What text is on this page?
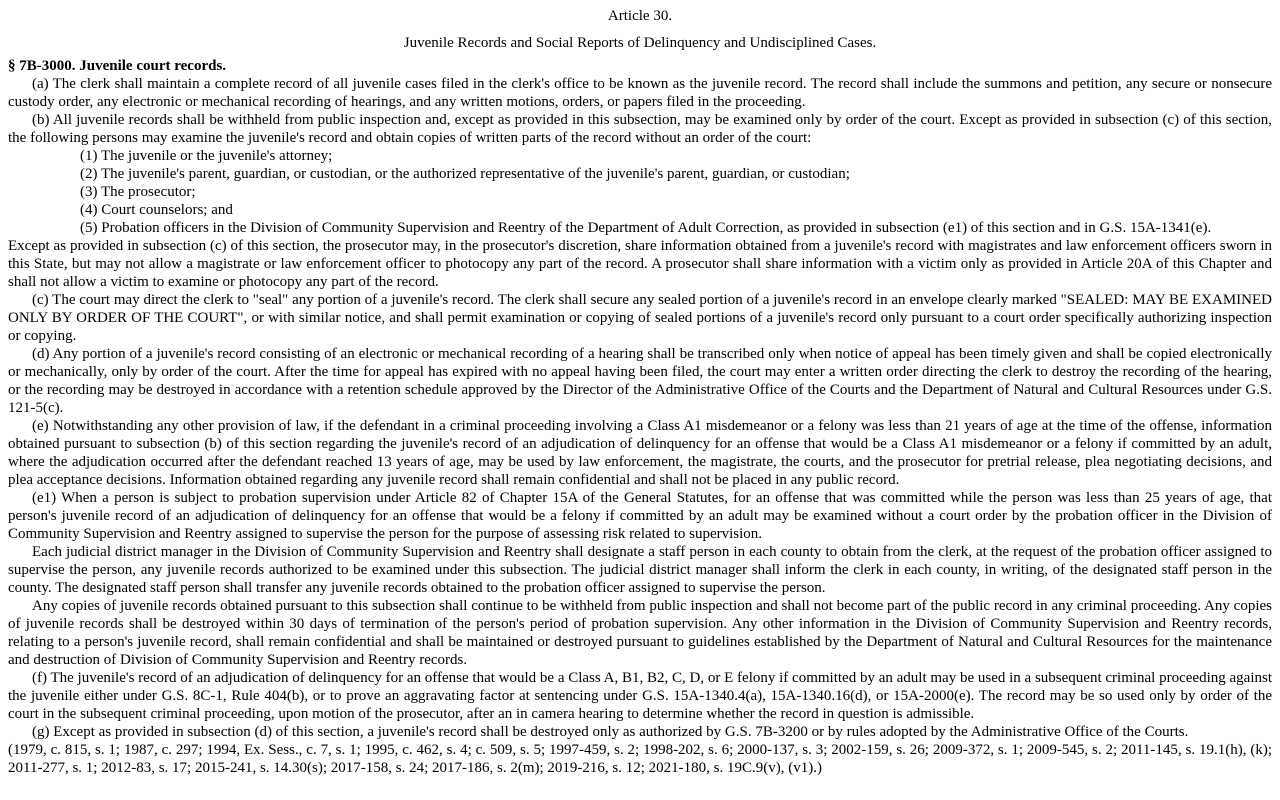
Article 30.
Juvenile Records and Social Reports of Delinquency and Undisciplined Cases.
§ 7B-3000. Juvenile court records.

(a) The clerk shall maintain a complete record of all juvenile cases filed in the clerk's office to be known as the juvenile record. The record shall include the summons and petition, any secure or nonsecure custody order, any electronic or mechanical recording of hearings, and any written motions, orders, or papers filed in the proceeding.

(b) All juvenile records shall be withheld from public inspection and, except as provided in this subsection, may be examined only by order of the court. Except as provided in subsection (c) of this section, the following persons may examine the juvenile's record and obtain copies of written parts of the record without an order of the court:

(1) The juvenile or the juvenile's attorney;
(2) The juvenile's parent, guardian, or custodian, or the authorized representative of the juvenile's parent, guardian, or custodian;
(3) The prosecutor;
(4) Court counselors; and
(5) Probation officers in the Division of Community Supervision and Reentry of the Department of Adult Correction, as provided in subsection (e1) of this section and in G.S. 15A-1341(e).

Except as provided in subsection (c) of this section, the prosecutor may, in the prosecutor's discretion, share information obtained from a juvenile's record with magistrates and law enforcement officers sworn in this State, but may not allow a magistrate or law enforcement officer to photocopy any part of the record. A prosecutor shall share information with a victim only as provided in Article 20A of this Chapter and shall not allow a victim to examine or photocopy any part of the record.

(c) The court may direct the clerk to "seal" any portion of a juvenile's record. The clerk shall secure any sealed portion of a juvenile's record in an envelope clearly marked "SEALED: MAY BE EXAMINED ONLY BY ORDER OF THE COURT", or with similar notice, and shall permit examination or copying of sealed portions of a juvenile's record only pursuant to a court order specifically authorizing inspection or copying.

(d) Any portion of a juvenile's record consisting of an electronic or mechanical recording of a hearing shall be transcribed only when notice of appeal has been timely given and shall be copied electronically or mechanically, only by order of the court. After the time for appeal has expired with no appeal having been filed, the court may enter a written order directing the clerk to destroy the recording of the hearing, or the recording may be destroyed in accordance with a retention schedule approved by the Director of the Administrative Office of the Courts and the Department of Natural and Cultural Resources under G.S. 121-5(c).

(e) Notwithstanding any other provision of law, if the defendant in a criminal proceeding involving a Class A1 misdemeanor or a felony was less than 21 years of age at the time of the offense, information obtained pursuant to subsection (b) of this section regarding the juvenile's record of an adjudication of delinquency for an offense that would be a Class A1 misdemeanor or a felony if committed by an adult, where the adjudication occurred after the defendant reached 13 years of age, may be used by law enforcement, the magistrate, the courts, and the prosecutor for pretrial release, plea negotiating decisions, and plea acceptance decisions. Information obtained regarding any juvenile record shall remain confidential and shall not be placed in any public record.

(e1) When a person is subject to probation supervision under Article 82 of Chapter 15A of the General Statutes, for an offense that was committed while the person was less than 25 years of age, that person's juvenile record of an adjudication of delinquency for an offense that would be a felony if committed by an adult may be examined without a court order by the probation officer in the Division of Community Supervision and Reentry assigned to supervise the person for the purpose of assessing risk related to supervision.

Each judicial district manager in the Division of Community Supervision and Reentry shall designate a staff person in each county to obtain from the clerk, at the request of the probation officer assigned to supervise the person, any juvenile records authorized to be examined under this subsection. The judicial district manager shall inform the clerk in each county, in writing, of the designated staff person in the county. The designated staff person shall transfer any juvenile records obtained to the probation officer assigned to supervise the person.

Any copies of juvenile records obtained pursuant to this subsection shall continue to be withheld from public inspection and shall not become part of the public record in any criminal proceeding. Any copies of juvenile records shall be destroyed within 30 days of termination of the person's period of probation supervision. Any other information in the Division of Community Supervision and Reentry records, relating to a person's juvenile record, shall remain confidential and shall be maintained or destroyed pursuant to guidelines established by the Department of Natural and Cultural Resources for the maintenance and destruction of Division of Community Supervision and Reentry records.

(f) The juvenile's record of an adjudication of delinquency for an offense that would be a Class A, B1, B2, C, D, or E felony if committed by an adult may be used in a subsequent criminal proceeding against the juvenile either under G.S. 8C-1, Rule 404(b), or to prove an aggravating factor at sentencing under G.S. 15A-1340.4(a), 15A-1340.16(d), or 15A-2000(e). The record may be so used only by order of the court in the subsequent criminal proceeding, upon motion of the prosecutor, after an in camera hearing to determine whether the record in question is admissible.

(g) Except as provided in subsection (d) of this section, a juvenile's record shall be destroyed only as authorized by G.S. 7B-3200 or by rules adopted by the Administrative Office of the Courts.

(1979, c. 815, s. 1; 1987, c. 297; 1994, Ex. Sess., c. 7, s. 1; 1995, c. 462, s. 4; c. 509, s. 5; 1997-459, s. 2; 1998-202, s. 6; 2000-137, s. 3; 2002-159, s. 26; 2009-372, s. 1; 2009-545, s. 2; 2011-145, s. 19.1(h), (k); 2011-277, s. 1; 2012-83, s. 17; 2015-241, s. 14.30(s); 2017-158, s. 24; 2017-186, s. 2(m); 2019-216, s. 12; 2021-180, s. 19C.9(v), (v1).)
